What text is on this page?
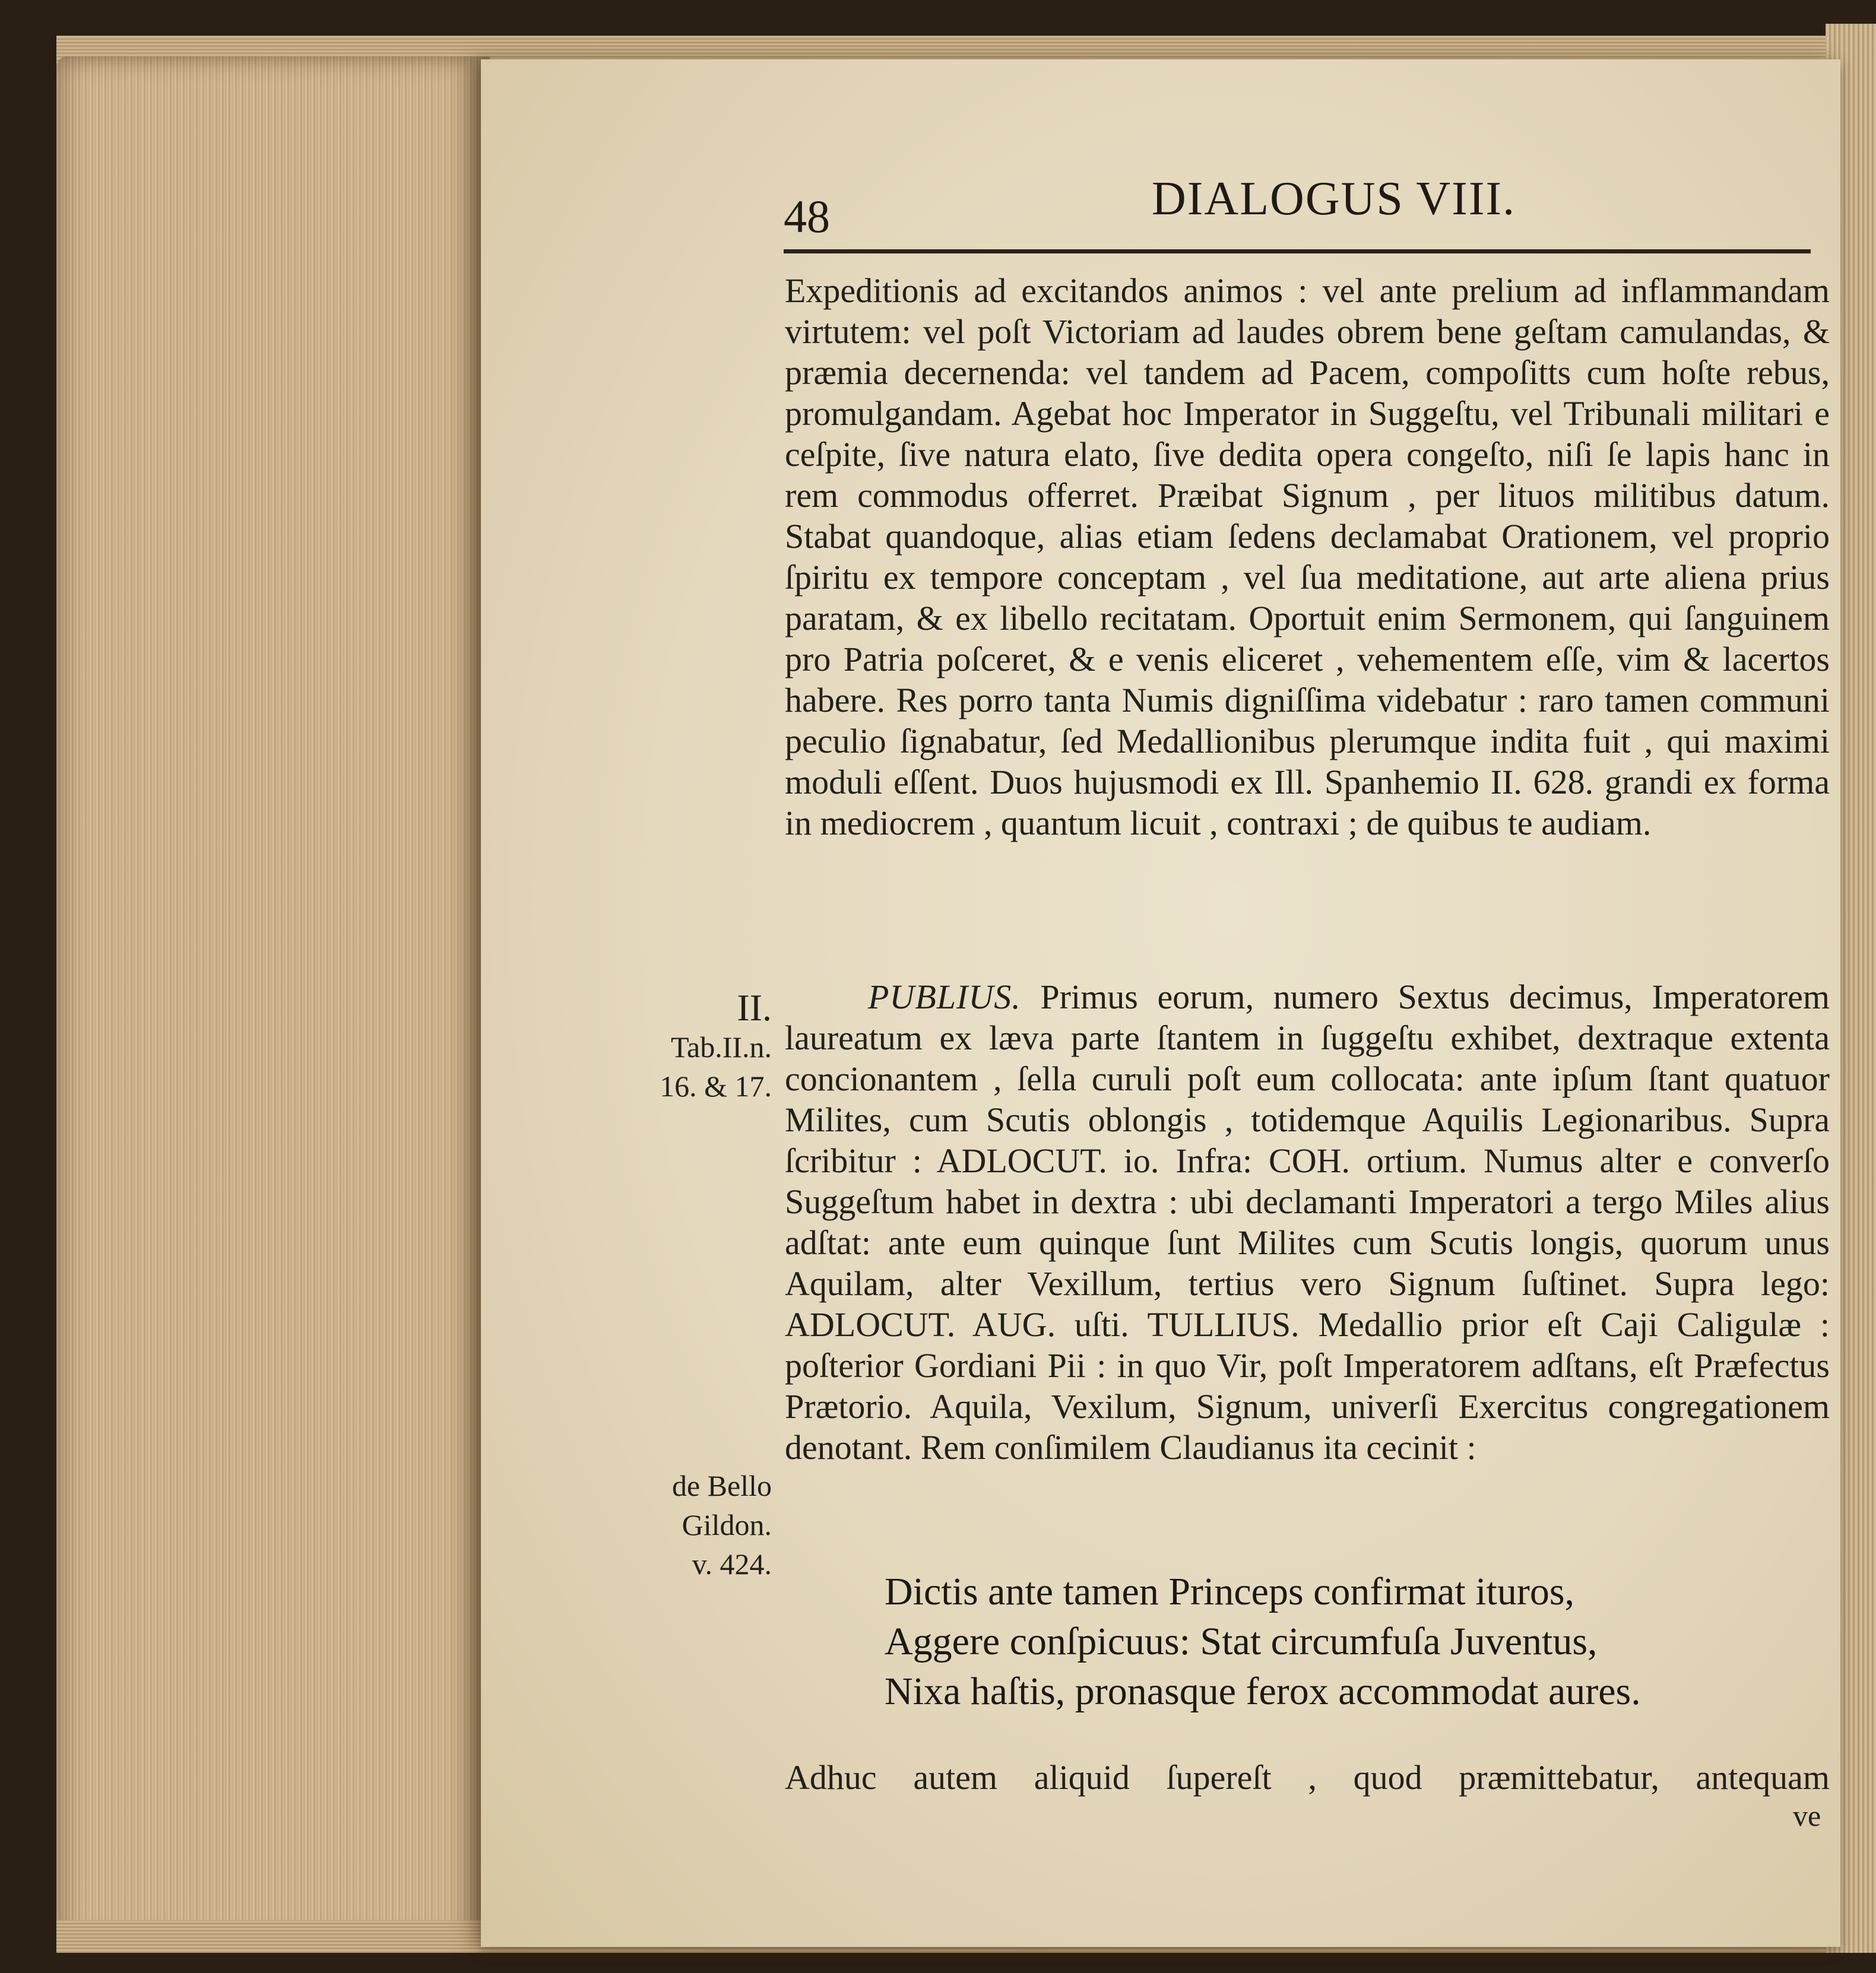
48	DIALOGUS VIII.

Expeditionis ad excitandos animos : vel ante prelium ad inflammandam virtutem: vel poſt Victoriam ad laudes obrem bene geſtam camulandas, & præmia decernenda: vel tandem ad Pacem, compoſitts cum hoſte rebus, promulgandam. Agebat hoc Imperator in Suggeſtu, vel Tribunali militari e ceſpite, ſive natura elato, ſive dedita opera congeſto, niſi ſe lapis hanc in rem commodus offerret. Præibat Signum , per lituos militibus datum. Stabat quandoque, alias etiam ſedens declamabat Orationem, vel proprio ſpiritu ex tempore conceptam , vel ſua meditatione, aut arte aliena prius paratam, & ex libello recitatam. Oportuit enim Sermonem, qui ſanguinem pro Patria poſceret, & e venis eliceret , vehementem eſſe, vim & lacertos habere. Res porro tanta Numis digniſſima videbatur : raro tamen communi peculio ſignabatur, ſed Medallionibus plerumque indita fuit , qui maximi moduli eſſent. Duos hujusmodi ex Ill. Spanhemio II. 628. grandi ex forma in mediocrem , quantum licuit , contraxi ; de quibus te audiam.

II.
Tab.II.n.
16. & 17.

PUBLIUS. Primus eorum, numero Sextus decimus, Imperatorem laureatum ex læva parte ſtantem in ſuggeſtu exhibet, dextraque extenta concionantem , ſella curuli poſt eum collocata: ante ipſum ſtant quatuor Milites, cum Scutis oblongis , totidemque Aquilis Legionaribus. Supra ſcribitur : ADLOCUT. io. Infra: COH. ortium. Numus alter e converſo Suggeſtum habet in dextra : ubi declamanti Imperatori a tergo Miles alius adſtat: ante eum quinque ſunt Milites cum Scutis longis, quorum unus Aquilam, alter Vexillum, tertius vero Signum ſuſtinet. Supra lego: ADLOCUT. AUG. uſti. TULLIUS. Medallio prior eſt Caji Caligulæ : poſterior Gordiani Pii : in quo Vir, poſt Imperatorem adſtans, eſt Præfectus Prætorio. Aquila, Vexilum, Signum, univerſi Exercitus congregationem denotant. Rem conſimilem Claudianus ita cecinit :

de Bello
Gildon.
v. 424.
Dictis ante tamen Princeps confirmat ituros,
Aggere conſpicuus: Stat circumfuſa Juventus,
Nixa haſtis, pronasque ferox accommodat aures.
Adhuc autem aliquid ſupereſt , quod præmittebatur, antequam
ve
